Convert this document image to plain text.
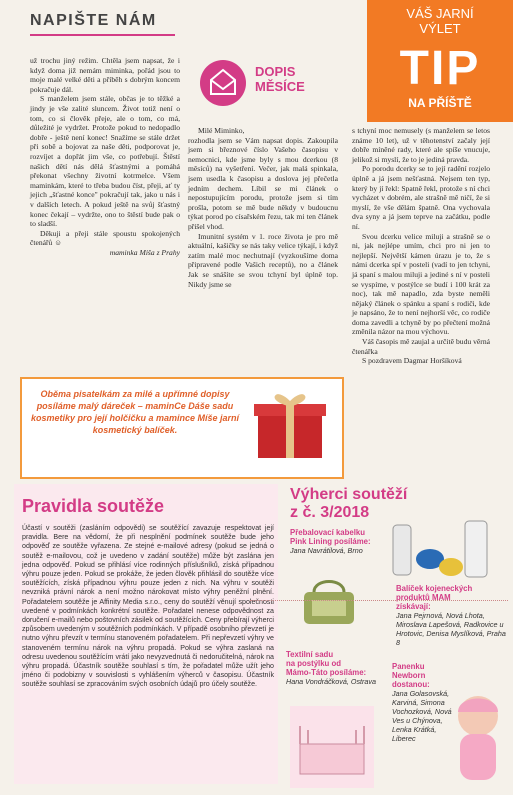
NAPIŠTE NÁM
DOPIS
MĚSÍCE
VÁŠ JARNÍ
VÝLET
TIP
NA PŘÍŠTĚ

už trochu jiný režim. Chtěla jsem napsat, že i když doma již nemám miminka, pořád jsou to moje malé velké děti a příběh s dobrým koncem pokračuje dál.

S manželem jsem stále, občas je to těžké a jindy je vše zalité sluncem. Život totiž není o tom, co si člověk přeje, ale o tom, co má, důležité je vydržet. Protože pokud to nedopadlo dobře - ještě není konec! Snažíme se stále držet při sobě a bojovat za naše děti, podporovat je, rozvíjet a dopřát jim vše, co potřebují. Štěstí našich dětí nás dělá šťastnými a pomáhá překonat všechny životní kotrmelce. Všem maminkám, které to třeba budou číst, přeji, ať ty jejich „šťastné konce" pokračují tak, jako u nás i v dalších letech. A pokud ještě na svůj šťastný konec čekají – vydržte, ono to štěstí bude pak o to sladší.

Děkuji a přeji stále spoustu spokojených čtenářů ☺

maminka Miša z Prahy

Milé Miminko,

rozhodla jsem se Vám napsat dopis. Zakoupila jsem si březnové číslo Vašeho časopisu v nemocnici, kde jsme byly s mou dcerkou (8 měsíců) na vyšetření. Večer, jak malá spinkala, jsem usedla k časopisu a doslova jej přečetla jedním dechem. Líbil se mi článek o nepostupujícím porodu, protože jsem si tím prošla, potom se mě bude někdy v budoucnu týkat porod po císařském řezu, tak mi ten článek přišel vhod.

Imunitní systém v 1. roce života je pro mě aktuální, kašičky se nás taky velice týkají, i když zatím malé moc nechutnají (vyzkoušíme doma připravené podle Vašich receptů), no a článek Jak se snášíte se svou tchyní byl úplně top. Nikdy jsme se

s tchyní moc nemusely (s manželem se letos známe 10 let), už v těhotenství začaly její dobře míněné rady, které ale spíše vnucuje, jelikož si myslí, že to je jediná pravda.

Po porodu dcerky se to její radění rozjelo úplně a já jsem nešťastná. Nejsem ten typ, který by jí řekl: Spatně řekl, protože s ní chci vycházet v dobrém, ale strašně mě ničí, že si myslí, že vše dělám špatně. Ona vychovala dva syny a já jsem teprve na začátku, podle ní.

Svou dcerku velice miluji a strašně se o ni, jak nejlépe umím, chci pro ni jen to nejlepší. Největší kámen úrazu je to, že s námi dcerka spí v posteli (vadí to jen tchyni, já spaní s malou miluji a jediné s ní v posteli se vyspíme, v postýlce se budí i 100 krát za noc), tak mě napadlo, zda byste neměli nějaký článek o spánku a spaní s rodiči, kde je napsáno, že to není nejhorší věc, co rodiče doma zavedli a tchyně by po přečtení možná změnila názor na mou výchovu.

Váš časopis mě zaujal a určitě budu věrná čtenářka

S pozdravem Dagmar Horšíková

Oběma pisatelkám za milé a upřímné dopisy posíláme malý dáreček – maminCe Dáše sadu kosmetiky pro její holčičku a mamince Míše jarní kosmetický balíček.
Pravidla soutěže
Účastí v soutěži (zasláním odpovědi) se soutěžící zavazuje respektovat její pravidla. Bere na vědomí, že při nesplnění podmínek soutěže bude jeho odpověď ze soutěže vyřazena. Ze stejné e-mailové adresy (pokud se jedná o soutěž e-mailovou, což je uvedeno v zadání soutěže) může být zaslána jen jedna odpověď. Pokud se přihlásí více rodinných příslušníků, získá případnou výhru pouze jeden. Pokud se prokáže, že jeden člověk přihlásil do soutěže více soutěžících, získá případnou výhru pouze jeden z nich. Na výhru v soutěži nevzniká právní nárok a není možno nárokovat místo výhry peněžní plnění. Pořadatelem soutěže je Affinity Media s.r.o., ceny do soutěží věnují společnosti uvedené v podmínkách konkrétní soutěže. Pořadatel nenese odpovědnost za doručení e-mailů nebo poštovních zásilek od soutěžících. Ceny přebírají výherci způsobem uvedeným v soutěžních podmínkách. V případě osobního převzetí je nutno výhru převzít v termínu stanoveném pořadatelem. Při nepřevzetí výhry ve stanoveném termínu nárok na výhru propadá. Pokud se výhra zaslaná na odresu uvedenou soutěžícím vrátí jako nevyzvednutá či nedoručitelná, nárok na výhru propadá. Účastník soutěže souhlasí s tím, že pořadatel může užít jeho jméno či podobizny v souvislosti s vyhlášením výherců v časopisu. Účastník soutěže souhlasí se zpracováním svých osobních údajů pro účely soutěže.
Výherci soutěží
z č. 3/2018
Přebalovací kabelku
Pink Lining posíláme:
Jana Navrátilová, Brno
Balíček kojeneckých
produktů MAM
získávají:
Jana Pejrnová, Nová Lhota, Miroslava Lapešová, Radkovice u Hrotovic, Denisa Myslíková, Praha 8
Textilní sadu
na postýlku od
Mámo-Táto posíláme:
Hana Vondráčková, Ostrava
Panenku
Newborn
dostanou:
Jana Golasovská, Karviná, Simona Vochozková, Nová Ves u Chýnova, Lenka Krátká, Liberec
